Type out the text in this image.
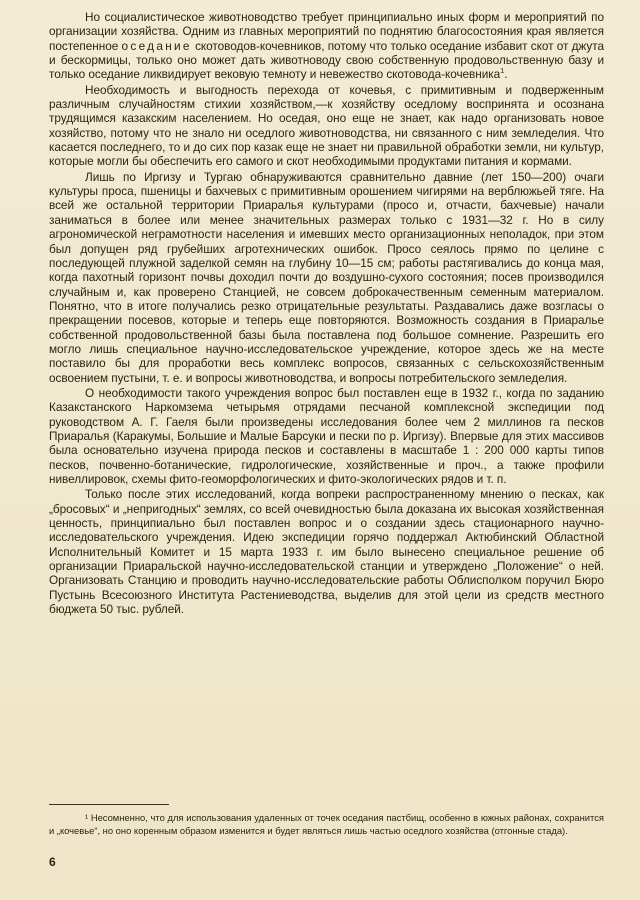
Но социалистическое животноводство требует принципиально иных форм и мероприятий по организации хозяйства. Одним из главных мероприятий по поднятию благосостояния края является постепенное оседание скотоводов-кочевников, потому что только оседание избавит скот от джута и бескормицы, только оно может дать животноводу свою собственную продовольственную базу и только оседание ликвидирует вековую темноту и невежество скотовода-кочевника$^1$.

Необходимость и выгодность перехода от кочевья, с примитивным и подверженным различным случайностям стихии хозяйством,—к хозяйству оседлому воспринята и осознана трудящимся казакским населением. Но оседая, оно еще не знает, как надо организовать новое хозяйство, потому что не знало ни оседлого животноводства, ни связанного с ним земледелия. Что касается последнего, то и до сих пор казак еще не знает ни правильной обработки земли, ни культур, которые могли бы обеспечить его самого и скот необходимыми продуктами питания и кормами.

Лишь по Иргизу и Тургаю обнаруживаются сравнительно давние (лет 150—200) очаги культуры проса, пшеницы и бахчевых с примитивным орошением чигирями на верблюжьей тяге. На всей же остальной территории Приаралья культурами (просо и, отчасти, бахчевые) начали заниматься в более или менее значительных размерах только с 1931—32 г. Но в силу агрономической неграмотности населения и имевших место организационных неполадок, при этом был допущен ряд грубейших агротехнических ошибок. Просо сеялось прямо по целине с последующей плужной заделкой семян на глубину 10—15 см; работы растягивались до конца мая, когда пахотный горизонт почвы доходил почти до воздушно-сухого состояния; посев производился случайным и, как проверено Станцией, не совсем доброкачественным семенным материалом. Понятно, что в итоге получались резко отрицательные результаты. Раздавались даже возгласы о прекращении посевов, которые и теперь еще повторяются. Возможность создания в Приаралье собственной продовольственной базы была поставлена под большое сомнение. Разрешить его могло лишь специальное научно-исследовательское учреждение, которое здесь же на месте поставило бы для проработки весь комплекс вопросов, связанных с сельскохозяйственным освоением пустыни, т. е. и вопросы животноводства, и вопросы потребительского земледелия.

О необходимости такого учреждения вопрос был поставлен еще в 1932 г., когда по заданию Казакстанского Наркомзема четырьмя отрядами песчаной комплексной экспедиции под руководством А. Г. Гаеля были произведены исследования более чем 2 миллинов га песков Приаралья (Каракумы, Большие и Малые Барсуки и пески по р. Иргизу). Впервые для этих массивов была основательно изучена природа песков и составлены в масштабе 1 : 200 000 карты типов песков, почвенно-ботанические, гидрологические, хозяйственные и проч., а также профили нивеллировок, схемы фито-геоморфологических и фито-экологических рядов и т. п.

Только после этих исследований, когда вопреки распространенному мнению о песках, как „бросовых“ и „непригодных“ землях, со всей очевидностью была доказана их высокая хозяйственная ценность, принципиально был поставлен вопрос и о создании здесь стационарного научно-исследовательского учреждения. Идею экспедиции горячо поддержал Актюбинский Областной Исполнительный Комитет и 15 марта 1933 г. им было вынесено специальное решение об организации Приаральской научно-исследовательской станции и утверждено „Положение“ о ней. Организовать Станцию и проводить научно-исследовательские работы Облисполком поручил Бюро Пустынь Всесоюзного Института Растениеводства, выделив для этой цели из средств местного бюджета 50 тыс. рублей.

¹ Несомненно, что для использования удаленных от точек оседания пастбищ, особенно в южных районах, сохранится и „кочевье“, но оно коренным образом изменится и будет являться лишь частью оседлого хозяйства (отгонные стада).

6
